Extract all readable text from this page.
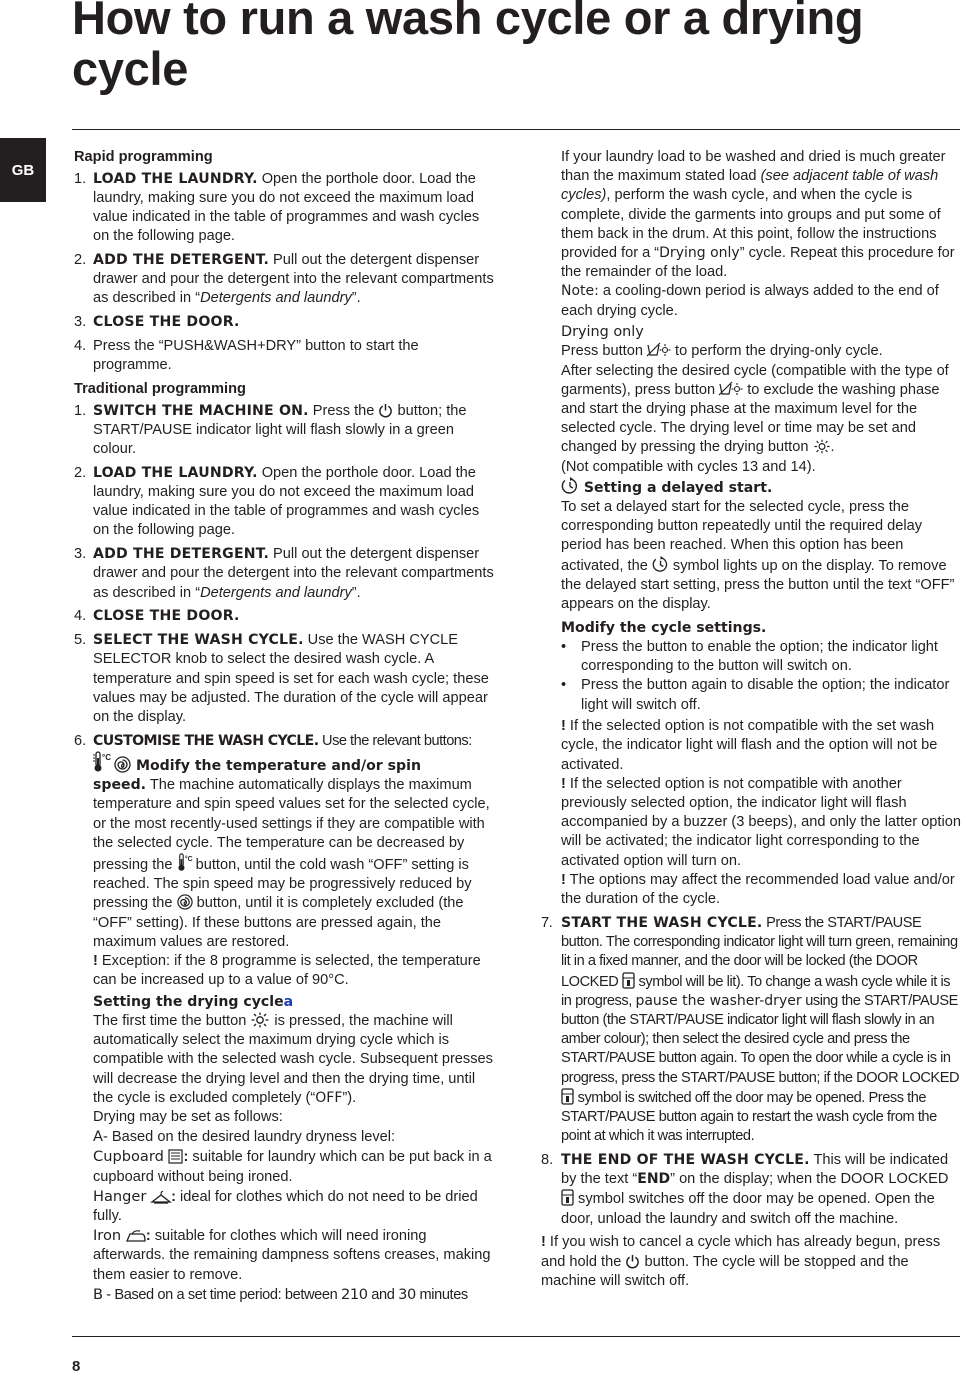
How to run a wash cycle or a drying cycle
GB

Rapid programming

1. LOAD THE LAUNDRY. Open the porthole door. Load the laundry, making sure you do not exceed the maximum load value indicated in the table of programmes and wash cycles on the following page.

2. ADD THE DETERGENT. Pull out the detergent dispenser drawer and pour the detergent into the relevant compartments as described in “Detergents and laundry”.

3. CLOSE THE DOOR.

4. Press the “PUSH&WASH+DRY” button to start the programme.

Traditional programming

1. SWITCH THE MACHINE ON. Press the
button; the START/PAUSE indicator light will flash slowly in a green colour.

2. LOAD THE LAUNDRY. Open the porthole door. Load the laundry, making sure you do not exceed the maximum load value indicated in the table of programmes and wash cycles on the following page.

3. ADD THE DETERGENT. Pull out the detergent dispenser drawer and pour the detergent into the relevant compartments as described in “Detergents and laundry”.

4. CLOSE THE DOOR.

5. SELECT THE WASH CYCLE. Use the WASH CYCLE SELECTOR knob to select the desired wash cycle. A temperature and spin speed is set for each wash cycle; these values may be adjusted. The duration of the cycle will appear on the display.

6. CUSTOMISE THE WASH CYCLE. Use the relevant buttons:

°C

Modify the temperature and/or spin
speed. The machine automatically displays the maximum temperature and spin speed values set for the selected cycle, or the most recently-used settings if they are compatible with the selected cycle. The temperature can be decreased by pressing the °C button, until the cold wash “OFF” setting is reached. The spin speed may be progressively reduced by pressing the
button, until it is completely excluded (the “OFF” setting). If these buttons are pressed again, the maximum values are restored.

! Exception: if the 8 programme is selected, the temperature can be increased up to a value of 90°C.

Setting the drying cyclea

The first time the button
is pressed, the machine will automatically select the maximum drying cycle which is compatible with the selected wash cycle. Subsequent presses will decrease the drying level and then the drying time, until the cycle is excluded completely (“OFF”).

Drying may be set as follows:

A- Based on the desired laundry dryness level:

Cupboard
: suitable for laundry which can be put back in a cupboard without being ironed.

Hanger
: ideal for clothes which do not need to be dried fully.

Iron
: suitable for clothes which will need ironing afterwards. the remaining dampness softens creases, making them easier to remove.

B - Based on a set time period: between 210 and 30 minutes

If your laundry load to be washed and dried is much greater than the maximum stated load (see adjacent table of wash cycles), perform the wash cycle, and when the cycle is complete, divide the garments into groups and put some of them back in the drum. At this point, follow the instructions provided for a “Drying only” cycle. Repeat this procedure for the remainder of the load.

Note: a cooling-down period is always added to the end of each drying cycle.

Drying only

Press button
to perform the drying-only cycle.

After selecting the desired cycle (compatible with the type of garments), press button
to exclude the washing phase and start the drying phase at the maximum level for the selected cycle. The drying level or time may be set and changed by pressing the drying button
.
(Not compatible with cycles 13 and 14).

Setting a delayed start.

To set a delayed start for the selected cycle, press the corresponding button repeatedly until the required delay period has been reached. When this option has been activated, the
symbol lights up on the display. To remove the delayed start setting, press the button until the text “OFF” appears on the display.

Modify the cycle settings.

• Press the button to enable the option; the indicator light corresponding to the button will switch on.

• Press the button again to disable the option; the indicator light will switch off.

! If the selected option is not compatible with the set wash cycle, the indicator light will flash and the option will not be activated.

! If the selected option is not compatible with another previously selected option, the indicator light will flash accompanied by a buzzer (3 beeps), and only the latter option will be activated; the indicator light corresponding to the activated option will turn on.

! The options may affect the recommended load value and/or the duration of the cycle.

7. START THE WASH CYCLE. Press the START/PAUSE button. The corresponding indicator light will turn green, remaining lit in a fixed manner, and the door will be locked (the DOOR LOCKED
symbol will be lit). To change a wash cycle while it is in progress, pause the washer-dryer using the START/PAUSE button (the START/PAUSE indicator light will flash slowly in an amber colour); then select the desired cycle and press the START/PAUSE button again. To open the door while a cycle is in progress, press the START/PAUSE button; if the DOOR LOCKED
symbol is switched off the door may be opened. Press the START/PAUSE button again to restart the wash cycle from the point at which it was interrupted.

8. THE END OF THE WASH CYCLE. This will be indicated by the text “END” on the display; when the DOOR LOCKED
symbol switches off the door may be opened. Open the door, unload the laundry and switch off the machine.

! If you wish to cancel a cycle which has already begun, press and hold the
button. The cycle will be stopped and the machine will switch off.

8
